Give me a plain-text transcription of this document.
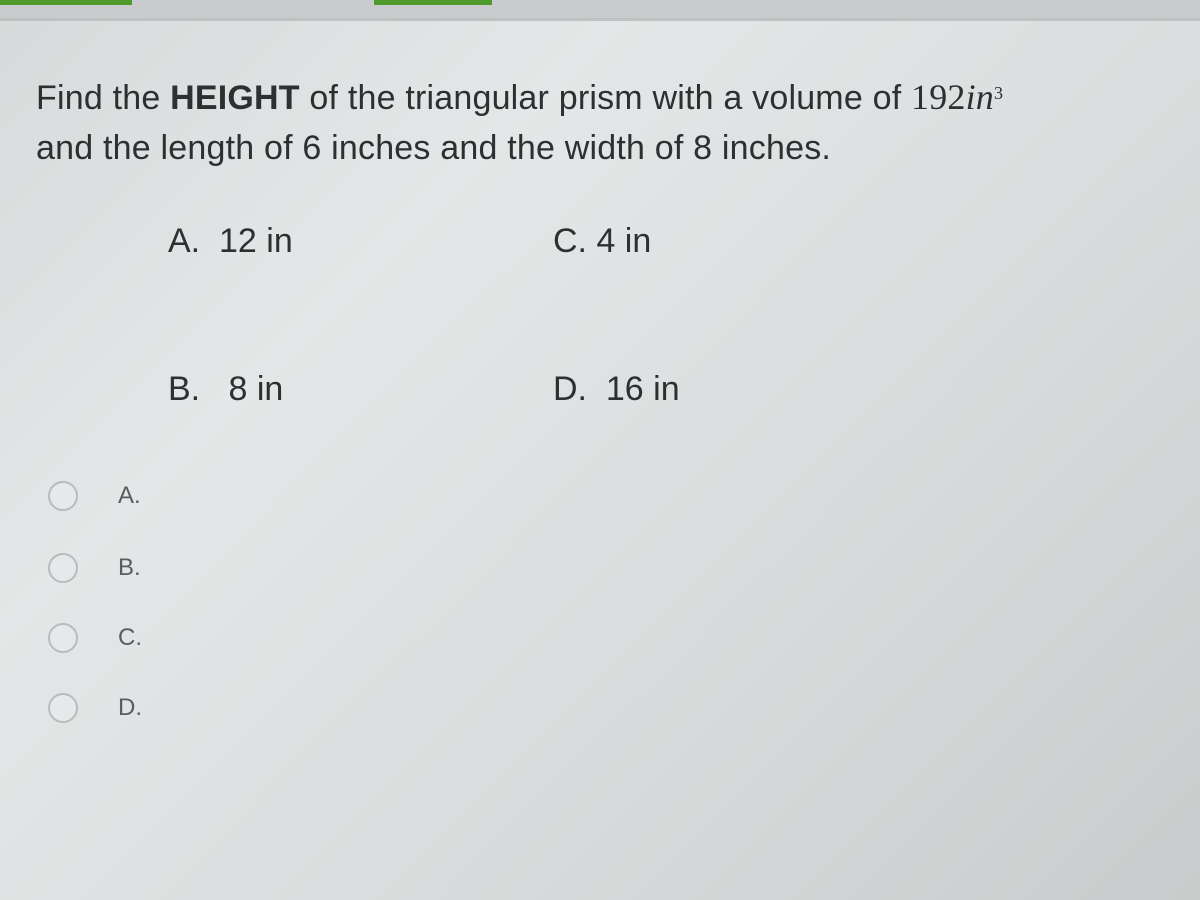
Find the HEIGHT of the triangular prism with a volume of $192in^3$
and the length of 6 inches and the width of 8 inches.
A.  12 in	C. 4 in
B.   8 in	D.  16 in
A.
B.
C.
D.
